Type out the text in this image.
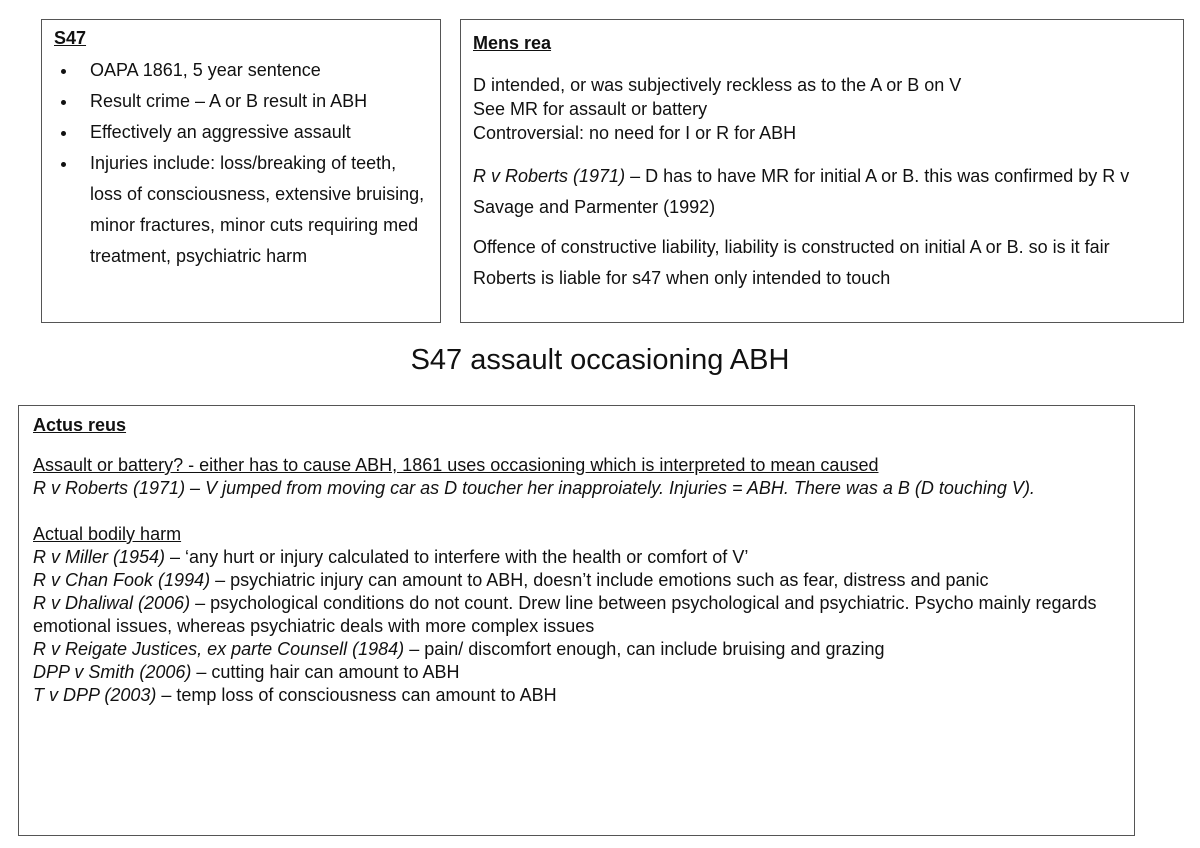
S47
• OAPA 1861, 5 year sentence
• Result crime – A or B result in ABH
• Effectively an aggressive assault
• Injuries include: loss/breaking of teeth, loss of consciousness, extensive bruising, minor fractures, minor cuts requiring med treatment, psychiatric harm
Mens rea
D intended, or was subjectively reckless as to the A or B on V
See MR for assault or battery
Controversial: no need for I or R for ABH
R v Roberts (1971) – D has to have MR for initial A or B. this was confirmed by R v Savage and Parmenter (1992)
Offence of constructive liability, liability is constructed on initial A or B. so is it fair Roberts is liable for s47 when only intended to touch
S47 assault occasioning ABH
Actus reus
Assault or battery? - either has to cause ABH, 1861 uses occasioning which is interpreted to mean caused
R v Roberts (1971) – V jumped from moving car as D toucher her inapproiately. Injuries = ABH. There was a B (D touching V).
Actual bodily harm
R v Miller (1954) – ‘any hurt or injury calculated to interfere with the health or comfort of V’
R v Chan Fook (1994) – psychiatric injury can amount to ABH, doesn’t include emotions such as fear, distress and panic
R v Dhaliwal (2006) – psychological conditions do not count. Drew line between psychological and psychiatric. Psycho mainly regards emotional issues, whereas psychiatric deals with more complex issues
R v Reigate Justices, ex parte Counsell (1984) – pain/ discomfort enough, can include bruising and grazing
DPP v Smith (2006) – cutting hair can amount to ABH
T v DPP (2003) – temp loss of consciousness can amount to ABH
